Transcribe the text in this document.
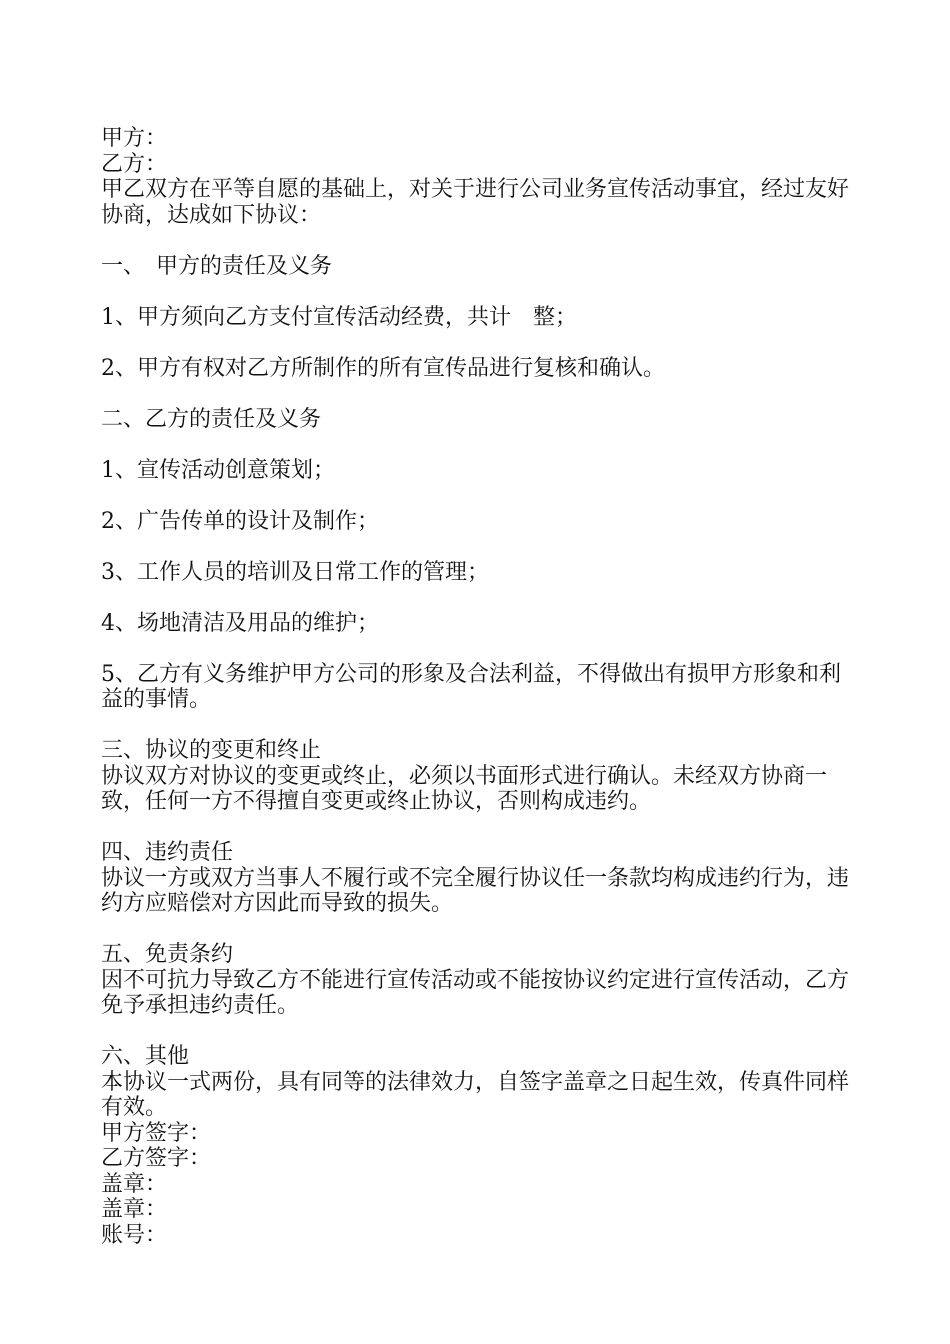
甲方：
乙方：
甲乙双方在平等自愿的基础上，对关于进行公司业务宣传活动事宜，经过友好协商，达成如下协议：
一、　甲方的责任及义务
1、甲方须向乙方支付宣传活动经费，共计　整；
2、甲方有权对乙方所制作的所有宣传品进行复核和确认。
二、乙方的责任及义务
1、宣传活动创意策划；
2、广告传单的设计及制作；
3、工作人员的培训及日常工作的管理；
4、场地清洁及用品的维护；
5、乙方有义务维护甲方公司的形象及合法利益，不得做出有损甲方形象和利益的事情。
三、协议的变更和终止
协议双方对协议的变更或终止，必须以书面形式进行确认。未经双方协商一致，任何一方不得擅自变更或终止协议，否则构成违约。
四、违约责任
协议一方或双方当事人不履行或不完全履行协议任一条款均构成违约行为，违约方应赔偿对方因此而导致的损失。
五、免责条约
因不可抗力导致乙方不能进行宣传活动或不能按协议约定进行宣传活动，乙方免予承担违约责任。
六、其他
本协议一式两份，具有同等的法律效力，自签字盖章之日起生效，传真件同样有效。
甲方签字：
乙方签字：
盖章：
盖章：
账号：
